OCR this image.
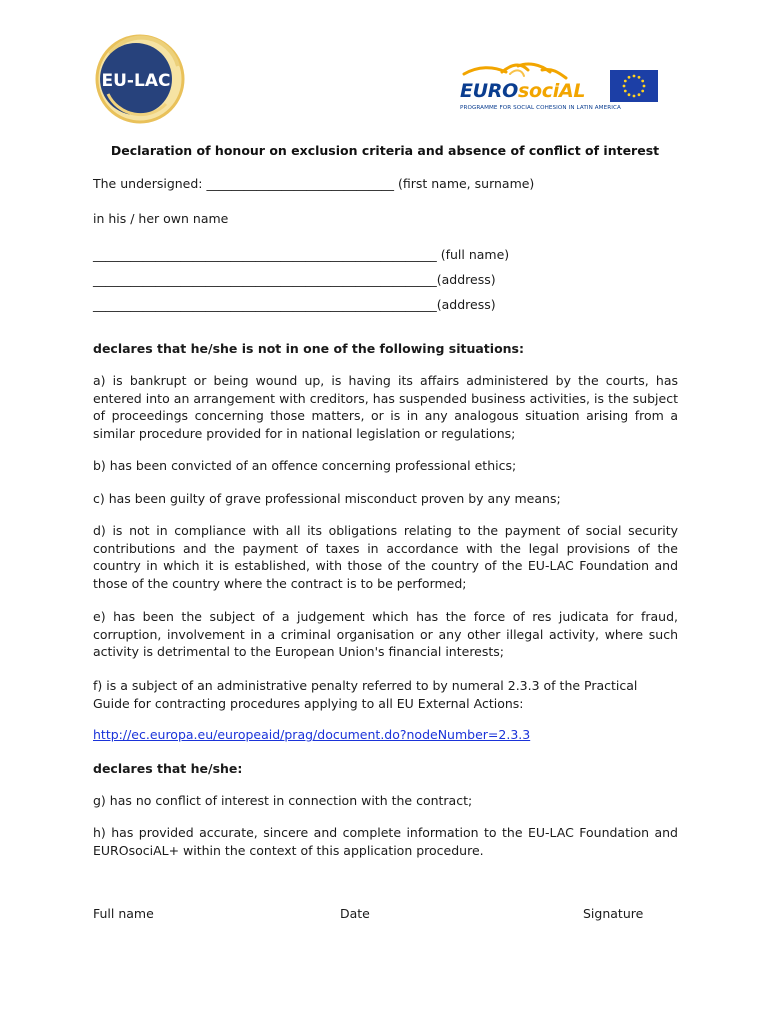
EU-LAC	EUROsociAL
PROGRAMME FOR SOCIAL COHESION IN LATIN AMERICA
Declaration of honour on exclusion criteria and absence of conflict of interest
The undersigned: ______________________________ (first name, surname)
in his / her own name
_______________________________________________________ (full name)
_______________________________________________________(address)
_______________________________________________________(address)
declares that he/she is not in one of the following situations:
a) is bankrupt or being wound up, is having its affairs administered by the courts, has entered into an arrangement with creditors, has suspended business activities, is the subject of proceedings concerning those matters, or is in any analogous situation arising from a similar procedure provided for in national legislation or regulations;
b) has been convicted of an offence concerning professional ethics;
c) has been guilty of grave professional misconduct proven by any means;
d) is not in compliance with all its obligations relating to the payment of social security contributions and the payment of taxes in accordance with the legal provisions of the country in which it is established, with those of the country of the EU-LAC Foundation and those of the country where the contract is to be performed;
e) has been the subject of a judgement which has the force of res judicata for fraud, corruption, involvement in a criminal organisation or any other illegal activity, where such activity is detrimental to the European Union's financial interests;
f) is a subject of an administrative penalty referred to by numeral 2.3.3 of the Practical Guide for contracting procedures applying to all EU External Actions:
http://ec.europa.eu/europeaid/prag/document.do?nodeNumber=2.3.3
declares that he/she:
g) has no conflict of interest in connection with the contract;
h) has provided accurate, sincere and complete information to the EU-LAC Foundation and EUROsociAL+ within the context of this application procedure.
Full name	Date	Signature
